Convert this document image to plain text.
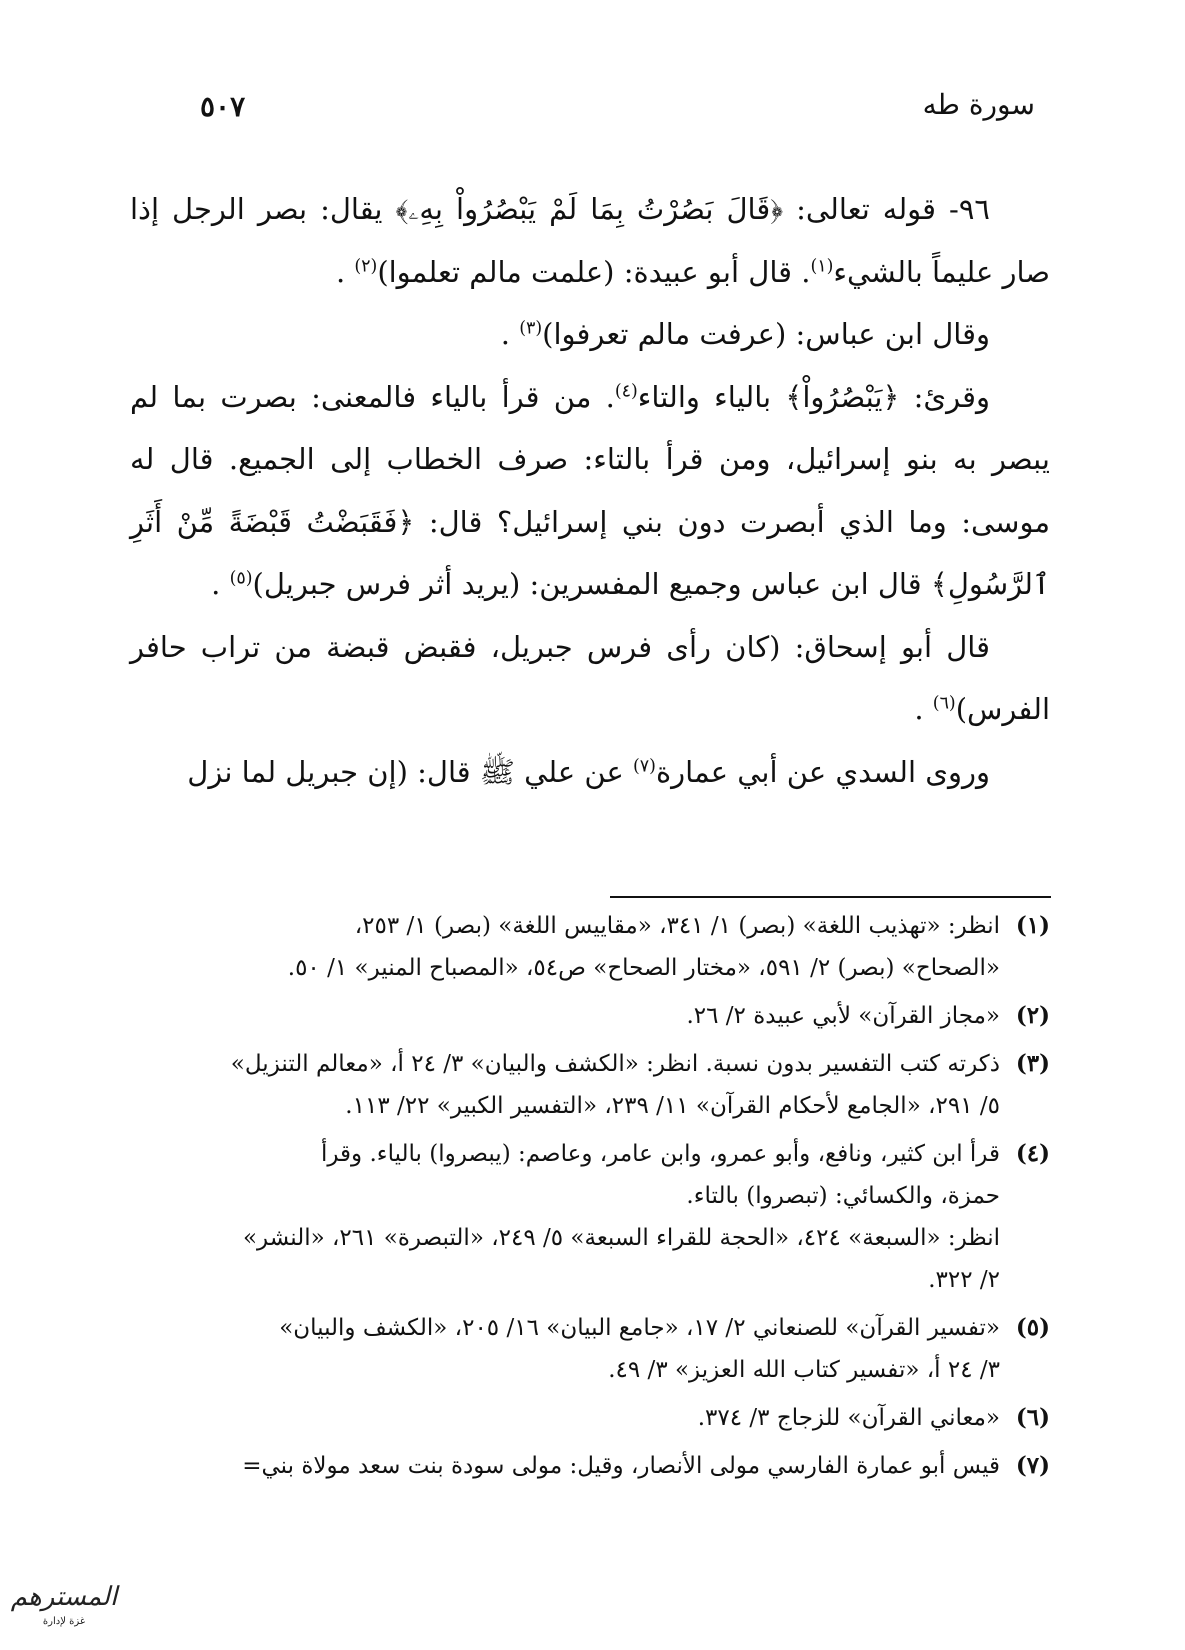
سورة طه
٥٠٧

٩٦- قوله تعالى: ﴿قَالَ بَصُرْتُ بِمَا لَمْ يَبْصُرُواْ بِهِۦ﴾ يقال: بصر الرجل إذا صار عليماً بالشيء$^{(١)}$. قال أبو عبيدة: (علمت مالم تعلموا)$^{(٢)}$ .

وقال ابن عباس: (عرفت مالم تعرفوا)$^{(٣)}$ .

وقرئ: ﴿يَبْصُرُواْ﴾ بالياء والتاء$^{(٤)}$. من قرأ بالياء فالمعنى: بصرت بما لم يبصر به بنو إسرائيل، ومن قرأ بالتاء: صرف الخطاب إلى الجميع. قال له موسى: وما الذي أبصرت دون بني إسرائيل؟ قال: ﴿فَقَبَضْتُ قَبْضَةً مِّنْ أَثَرِ ٱلرَّسُولِ﴾ قال ابن عباس وجميع المفسرين: (يريد أثر فرس جبريل)$^{(٥)}$ .

قال أبو إسحاق: (كان رأى فرس جبريل، فقبض قبضة من تراب حافر الفرس)$^{(٦)}$ .

وروى السدي عن أبي عمارة$^{(٧)}$ عن علي ﷺ قال: (إن جبريل لما نزل

(١)
انظر: «تهذيب اللغة» (بصر) ١/ ٣٤١، «مقاييس اللغة» (بصر) ١/ ٢٥٣،
«الصحاح» (بصر) ٢/ ٥٩١، «مختار الصحاح» ص٥٤، «المصباح المنير» ١/ ٥٠.
(٢)
«مجاز القرآن» لأبي عبيدة ٢/ ٢٦.
(٣)
ذكرته كتب التفسير بدون نسبة. انظر: «الكشف والبيان» ٣/ ٢٤ أ، «معالم التنزيل»
٥/ ٢٩١، «الجامع لأحكام القرآن» ١١/ ٢٣٩، «التفسير الكبير» ٢٢/ ١١٣.
(٤)
قرأ ابن كثير، ونافع، وأبو عمرو، وابن عامر، وعاصم: (يبصروا) بالياء. وقرأ
حمزة، والكسائي: (تبصروا) بالتاء.
انظر: «السبعة» ٤٢٤، «الحجة للقراء السبعة» ٥/ ٢٤٩، «التبصرة» ٢٦١، «النشر»
٢/ ٣٢٢.
(٥)
«تفسير القرآن» للصنعاني ٢/ ١٧، «جامع البيان» ١٦/ ٢٠٥، «الكشف والبيان»
٣/ ٢٤ أ، «تفسير كتاب الله العزيز» ٣/ ٤٩.
(٦)
«معاني القرآن» للزجاج ٣/ ٣٧٤.
(٧)
قيس أبو عمارة الفارسي مولى الأنصار، وقيل: مولى سودة بنت سعد مولاة بني=
المسترهم
غزة لإدارة
